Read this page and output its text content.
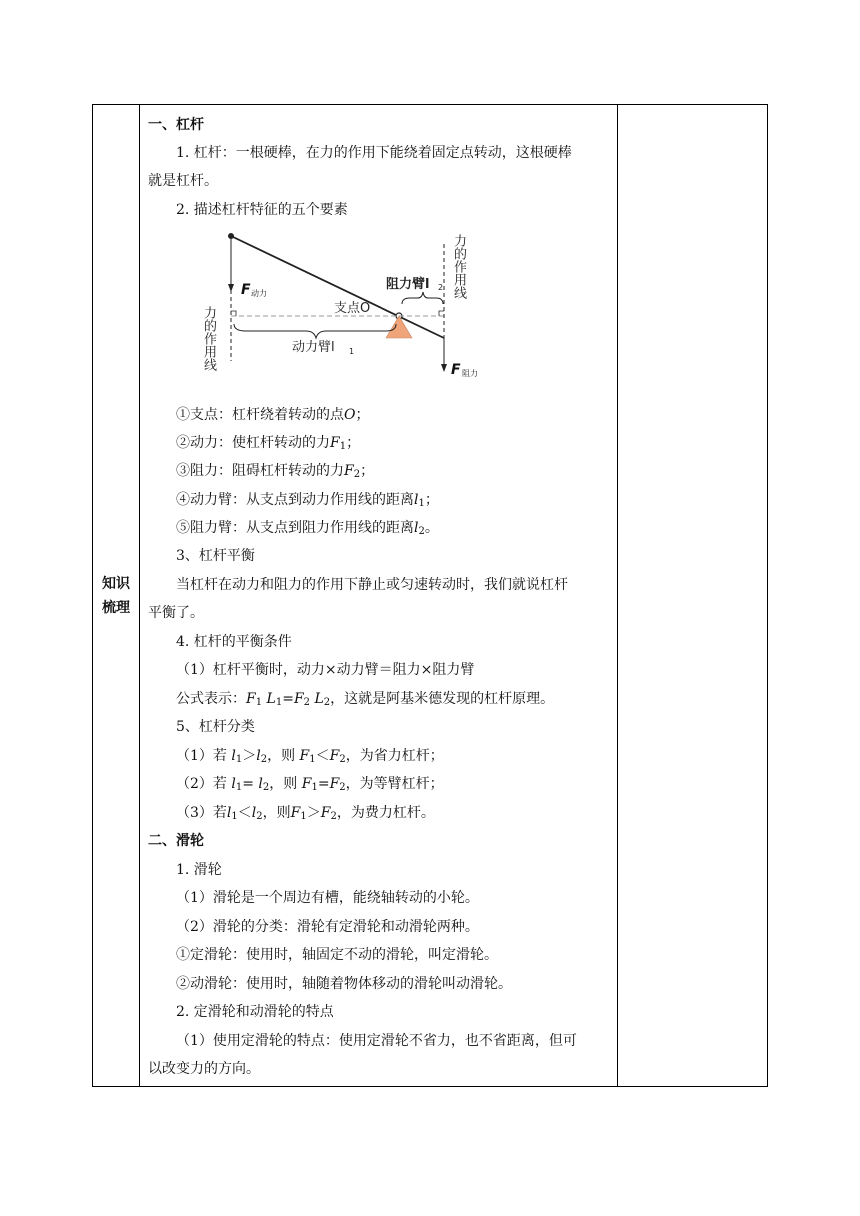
知识梳理
一、杠杆
1. 杠杆：一根硬棒，在力的作用下能绕着固定点转动，这根硬棒
就是杠杆。
2. 描述杠杆特征的五个要素
F 动力
F 阻力
支点O
动力臂l 1
阻力臂l 2
力的作用线
力的作用线
①支点：杠杆绕着转动的点O；
②动力：使杠杆转动的力$F_1$；
③阻力：阻碍杠杆转动的力$F_2$；
④动力臂：从支点到动力作用线的距离$l_1$；
⑤阻力臂：从支点到阻力作用线的距离$l_2$。
3、杠杆平衡
当杠杆在动力和阻力的作用下静止或匀速转动时，我们就说杠杆
平衡了。
4. 杠杆的平衡条件
（1）杠杆平衡时，动力×动力臂＝阻力×阻力臂
公式表示：$F_1$ $L_1=F_2$ $L_2$，这就是阿基米德发现的杠杆原理。
5、杠杆分类
（1）若 $l_1>l_2$，则 $F_1<F_2$，为省力杠杆；
（2）若 $l_1= l_2$，则 $F_1=F_2$，为等臂杠杆；
（3）若$l_1<l_2$，则$F_1>F_2$，为费力杠杆。
二、滑轮
1. 滑轮
（1）滑轮是一个周边有槽，能绕轴转动的小轮。
（2）滑轮的分类：滑轮有定滑轮和动滑轮两种。
①定滑轮：使用时，轴固定不动的滑轮，叫定滑轮。
②动滑轮：使用时，轴随着物体移动的滑轮叫动滑轮。
2. 定滑轮和动滑轮的特点
（1）使用定滑轮的特点：使用定滑轮不省力，也不省距离，但可
以改变力的方向。
